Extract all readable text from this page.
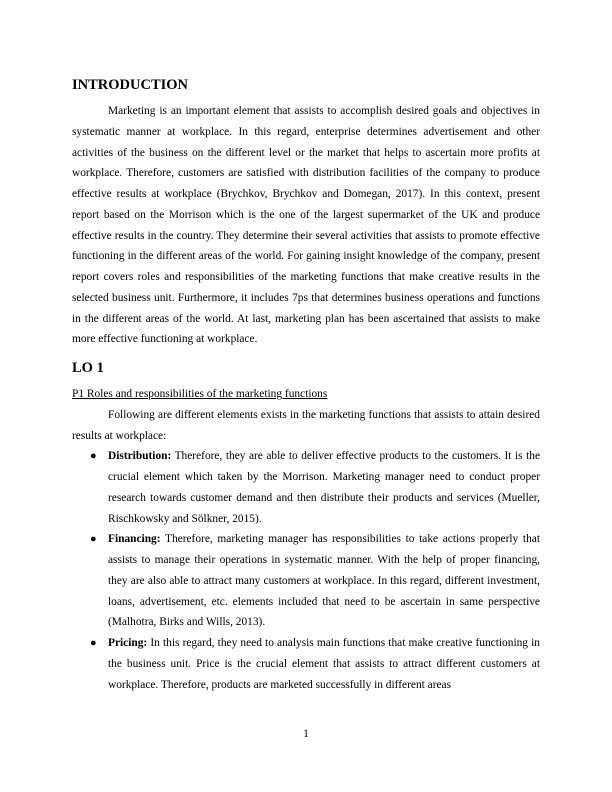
INTRODUCTION

Marketing is an important element that assists to accomplish desired goals and objectives in systematic manner at workplace. In this regard, enterprise determines advertisement and other activities of the business on the different level or the market that helps to ascertain more profits at workplace. Therefore, customers are satisfied with distribution facilities of the company to produce effective results at workplace (Brychkov, Brychkov and Domegan, 2017). In this context, present report based on the Morrison which is the one of the largest supermarket of the UK and produce effective results in the country. They determine their several activities that assists to promote effective functioning in the different areas of the world. For gaining insight knowledge of the company, present report covers roles and responsibilities of the marketing functions that make creative results in the selected business unit. Furthermore, it includes 7ps that determines business operations and functions in the different areas of the world. At last, marketing plan has been ascertained that assists to make more effective functioning at workplace.

LO 1

P1 Roles and responsibilities of the marketing functions

Following are different elements exists in the marketing functions that assists to attain desired results at workplace:

● Distribution: Therefore, they are able to deliver effective products to the customers. It is the crucial element which taken by the Morrison. Marketing manager need to conduct proper research towards customer demand and then distribute their products and services (Mueller, Rischkowsky and Sölkner, 2015).
● Financing: Therefore, marketing manager has responsibilities to take actions properly that assists to manage their operations in systematic manner. With the help of proper financing, they are also able to attract many customers at workplace. In this regard, different investment, loans, advertisement, etc. elements included that need to be ascertain in same perspective (Malhotra, Birks and Wills, 2013).
● Pricing: In this regard, they need to analysis main functions that make creative functioning in the business unit. Price is the crucial element that assists to attract different customers at workplace. Therefore, products are marketed successfully in different areas
1
